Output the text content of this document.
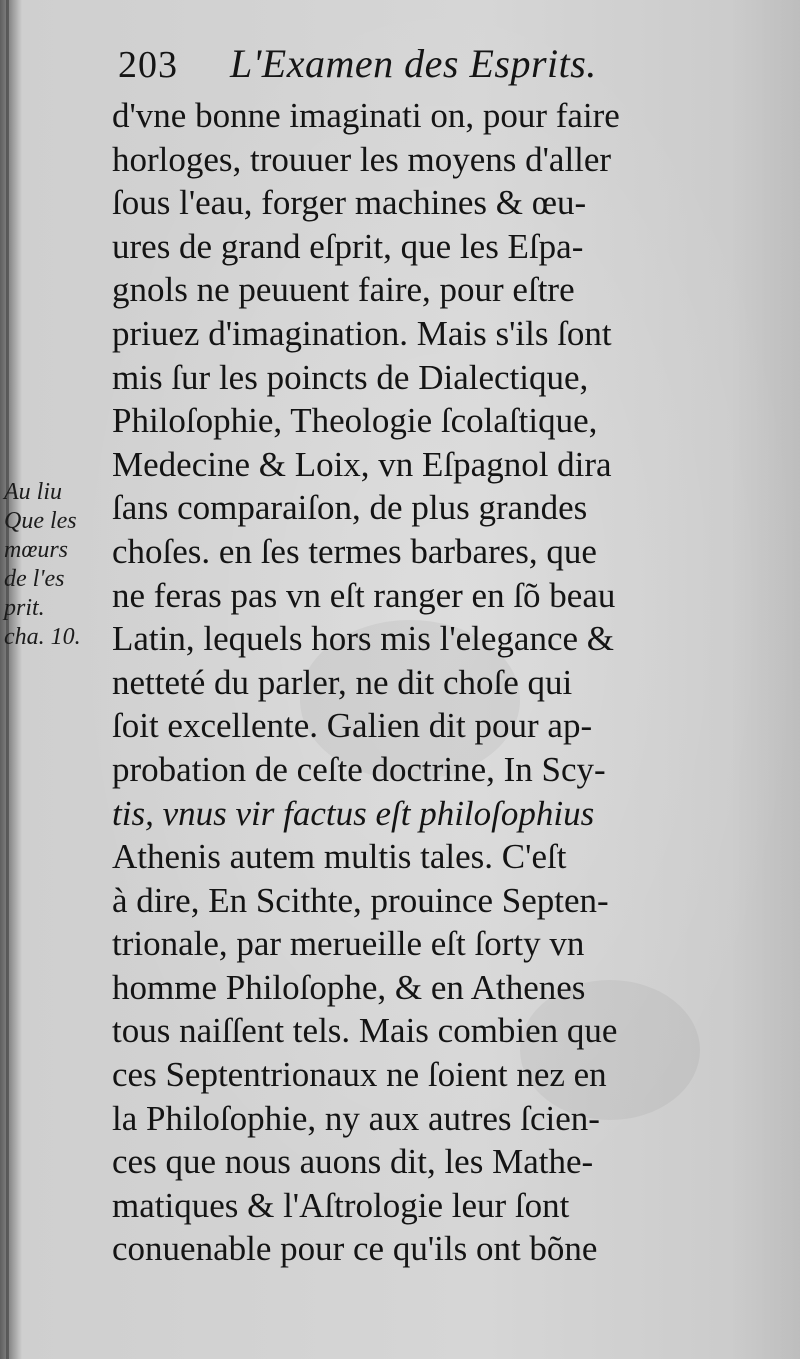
203 L'Examen des Esprits.
Au liu
Que les
mœurs
de l'es
prit.
cha. 10.
d'vne bonne imaginati on, pour faire
horloges, trouuer les moyens d'aller
ſous l'eau, forger machines & œu-
ures de grand eſprit, que les Eſpa-
gnols ne peuuent faire, pour eſtre
priuez d'imagination. Mais s'ils ſont
mis ſur les poincts de Dialectique,
Philoſophie, Theologie ſcolaſtique,
Medecine & Loix, vn Eſpagnol dira
ſans comparaiſon, de plus grandes
choſes. en ſes termes barbares, que
ne feras pas vn eſt ranger en ſõ beau
Latin, lequels hors mis l'elegance &
netteté du parler, ne dit choſe qui
ſoit excellente. Galien dit pour ap-
probation de ceſte doctrine, In Scy-
tis, vnus vir factus eſt philoſophius
Athenis autem multis tales. C'eſt
à dire, En Scithte, prouince Septen-
trionale, par merueille eſt ſorty vn
homme Philoſophe, & en Athenes
tous naiſſent tels. Mais combien que
ces Septentrionaux ne ſoient nez en
la Philoſophie, ny aux autres ſcien-
ces que nous auons dit, les Mathe-
matiques & l'Aſtrologie leur ſont
conuenable pour ce qu'ils ont bõne
